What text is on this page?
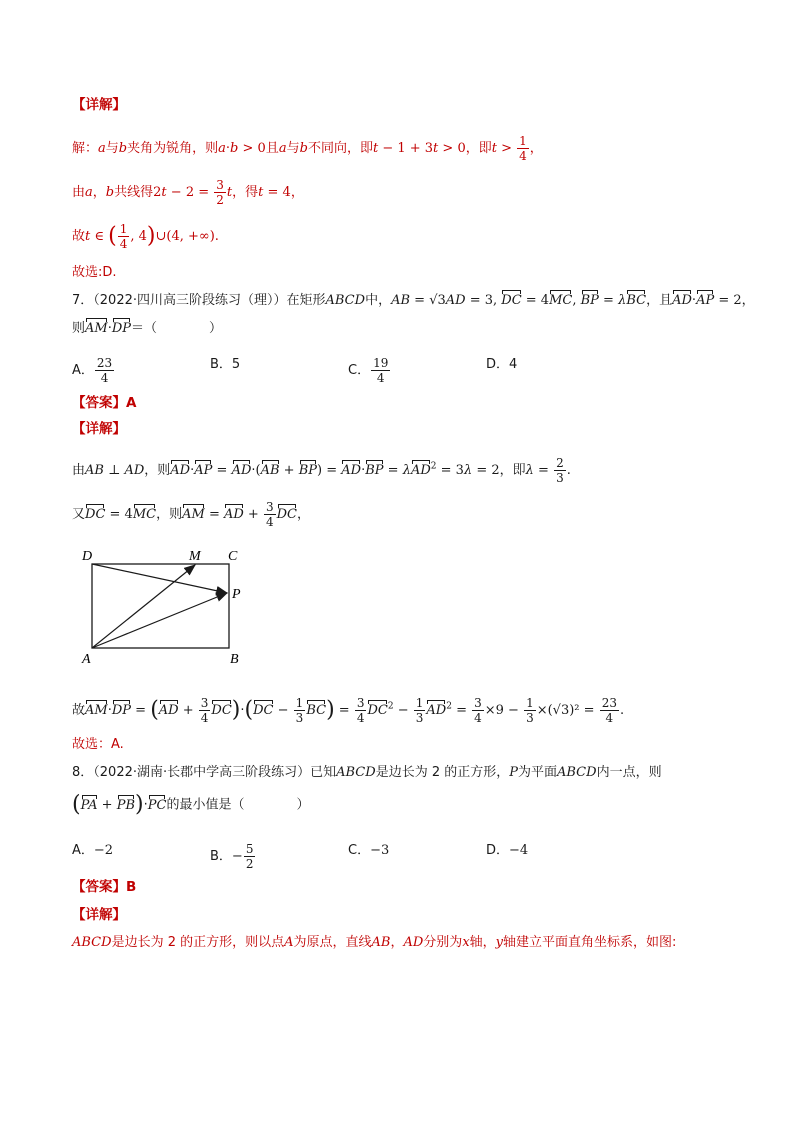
【详解】
解：a与b夹角为锐角，则a·b > 0且a与b不同向，即t − 1 + 3t > 0，即$t > \frac{1}{4}$ ，
由a，b共线得$2t - 2 = \frac{3}{2}$ t，得t = 4，
故t ∈ ( $\frac{1}{4}$ , 4)∪(4, +∞).
故选:D.
7．（2022·四川高三阶段练习（理））在矩形ABCD中，AB = √3AD = 3, DC = 4MC, BP = λBC，且AD·AP = 2，
则AM·DP＝（　　　　）
A． $\frac{23}{4}$	B．5	C． $\frac{19}{4}$	D．4
【答案】A
【详解】
由AB ⊥ AD，则AD·AP = AD·(AB + BP) = AD·BP = λAD$^2$ = 3λ = 2，即$\lambda = \frac{2}{3}$ .
又DC = 4MC，则AM = AD + $\frac{3}{4}$ DC，
D	M C
P
A	B
故$AM\cdot DP = (AD + \frac{3}{4} DC)\cdot(DC - \frac{1}{3} BC) = \frac{3}{4} DC^2 - \frac{1}{3} AD^2 = \frac{3}{4} \times 9 - \frac{1}{3} \times(√3)^2 = \frac{23}{4}$ .
故选：A.
8．（2022·湖南·长郡中学高三阶段练习）已知ABCD是边长为 2 的正方形，P为平面ABCD内一点，则
(PA + PB)·PC的最小值是（　　　　）
A．−2	B．− $\frac{5}{2}$	C．−3	D．−4
【答案】B
【详解】
ABCD是边长为 2 的正方形，则以点A为原点，直线AB，AD分别为x轴，y轴建立平面直角坐标系，如图:
